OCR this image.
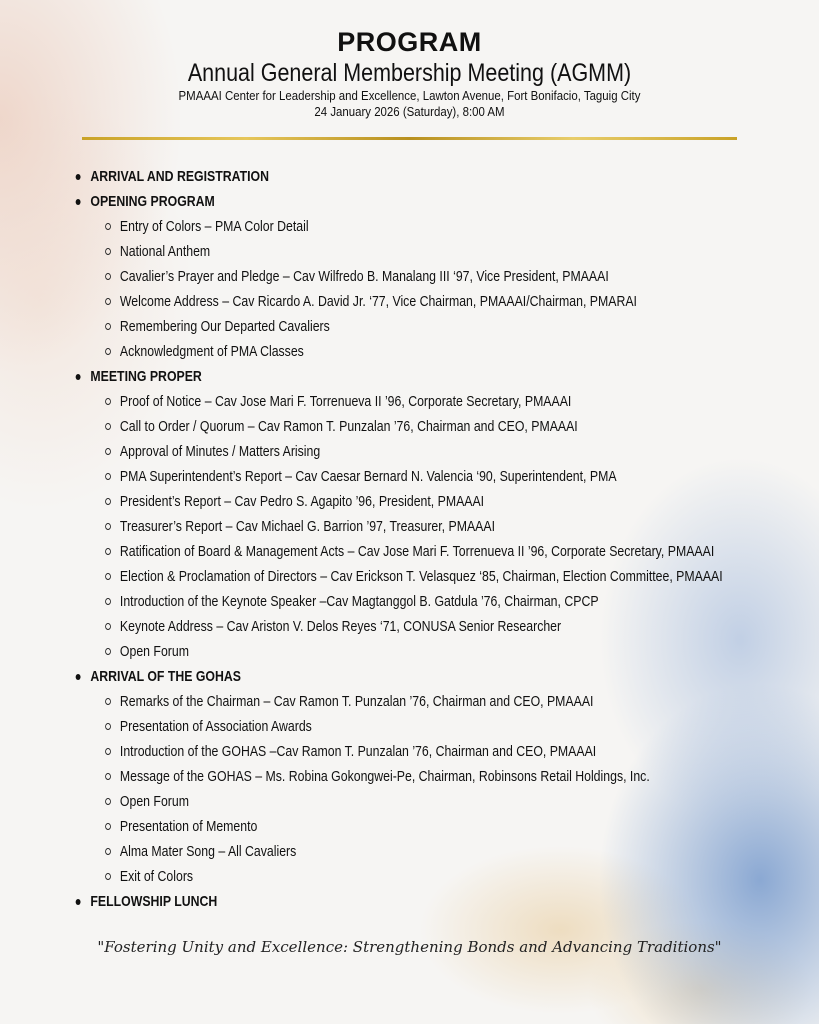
PROGRAM
Annual General Membership Meeting (AGMM)
PMAAAI Center for Leadership and Excellence, Lawton Avenue, Fort Bonifacio, Taguig City
24 January 2026 (Saturday), 8:00 AM
ARRIVAL AND REGISTRATION
OPENING PROGRAM
Entry of Colors – PMA Color Detail
National Anthem
Cavalier’s Prayer and Pledge – Cav Wilfredo B. Manalang III ‘97, Vice President, PMAAAI
Welcome Address – Cav Ricardo A. David Jr. ‘77, Vice Chairman, PMAAAI/Chairman, PMARAI
Remembering Our Departed Cavaliers
Acknowledgment of PMA Classes
MEETING PROPER
Proof of Notice – Cav Jose Mari F. Torrenueva II ’96, Corporate Secretary, PMAAAI
Call to Order / Quorum – Cav Ramon T. Punzalan ’76, Chairman and CEO, PMAAAI
Approval of Minutes / Matters Arising
PMA Superintendent’s Report – Cav Caesar Bernard N. Valencia ‘90, Superintendent, PMA
President’s Report – Cav Pedro S. Agapito ’96, President, PMAAAI
Treasurer’s Report – Cav Michael G. Barrion ’97, Treasurer, PMAAAI
Ratification of Board & Management Acts – Cav Jose Mari F. Torrenueva II ’96, Corporate Secretary, PMAAAI
Election & Proclamation of Directors – Cav Erickson T. Velasquez ‘85, Chairman, Election Committee, PMAAAI
Introduction of the Keynote Speaker –Cav Magtanggol B. Gatdula ’76, Chairman, CPCP
Keynote Address – Cav Ariston V. Delos Reyes ‘71, CONUSA Senior Researcher
Open Forum
ARRIVAL OF THE GOHAS
Remarks of the Chairman – Cav Ramon T. Punzalan ’76, Chairman and CEO, PMAAAI
Presentation of Association Awards
Introduction of the GOHAS –Cav Ramon T. Punzalan ’76, Chairman and CEO, PMAAAI
Message of the GOHAS – Ms. Robina Gokongwei-Pe, Chairman, Robinsons Retail Holdings, Inc.
Open Forum
Presentation of Memento
Alma Mater Song – All Cavaliers
Exit of Colors
FELLOWSHIP LUNCH
"Fostering Unity and Excellence: Strengthening Bonds and Advancing Traditions"
